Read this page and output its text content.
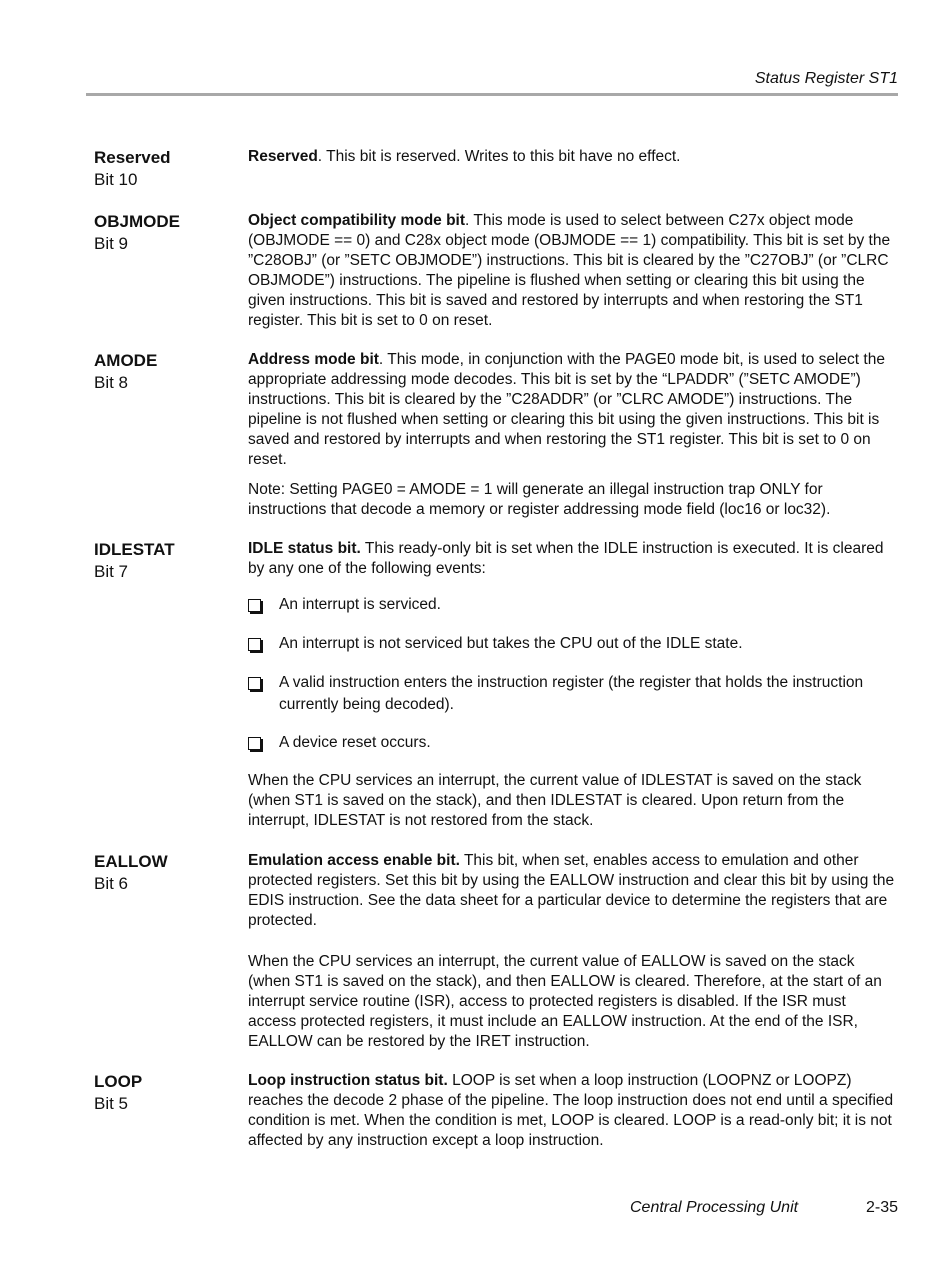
Status Register ST1
Reserved
Bit 10

Reserved. This bit is reserved. Writes to this bit have no effect.

OBJMODE
Bit 9

Object compatibility mode bit. This mode is used to select between C27x object mode (OBJMODE == 0) and C28x object mode (OBJMODE == 1) compatibility. This bit is set by the ”C28OBJ” (or ”SETC OBJMODE”) instructions. This bit is cleared by the ”C27OBJ” (or ”CLRC OBJMODE”) instructions. The pipeline is flushed when setting or clearing this bit using the given instructions. This bit is saved and restored by interrupts and when restoring the ST1 register. This bit is set to 0 on reset.

AMODE
Bit 8

Address mode bit. This mode, in conjunction with the PAGE0 mode bit, is used to select the appropriate addressing mode decodes. This bit is set by the “LPADDR” (”SETC AMODE”) instructions. This bit is cleared by the ”C28ADDR” (or ”CLRC AMODE”) instructions. The pipeline is not flushed when setting or clearing this bit using the given instructions. This bit is saved and restored by interrupts and when restoring the ST1 register. This bit is set to 0 on reset.

Note: Setting PAGE0 = AMODE = 1 will generate an illegal instruction trap ONLY for instructions that decode a memory or register addressing mode field (loc16 or loc32).

IDLESTAT
Bit 7

IDLE status bit. This ready-only bit is set when the IDLE instruction is executed. It is cleared by any one of the following events:

An interrupt is serviced.
An interrupt is not serviced but takes the CPU out of the IDLE state.
A valid instruction enters the instruction register (the register that holds the instruction currently being decoded).
A device reset occurs.

When the CPU services an interrupt, the current value of IDLESTAT is saved on the stack (when ST1 is saved on the stack), and then IDLESTAT is cleared. Upon return from the interrupt, IDLESTAT is not restored from the stack.

EALLOW
Bit 6

Emulation access enable bit. This bit, when set, enables access to emulation and other protected registers. Set this bit by using the EALLOW instruction and clear this bit by using the EDIS instruction. See the data sheet for a particular device to determine the registers that are protected.

When the CPU services an interrupt, the current value of EALLOW is saved on the stack (when ST1 is saved on the stack), and then EALLOW is cleared. Therefore, at the start of an interrupt service routine (ISR), access to protected registers is disabled. If the ISR must access protected registers, it must include an EALLOW instruction. At the end of the ISR, EALLOW can be restored by the IRET instruction.

LOOP
Bit 5

Loop instruction status bit. LOOP is set when a loop instruction (LOOPNZ or LOOPZ) reaches the decode 2 phase of the pipeline. The loop instruction does not end until a specified condition is met. When the condition is met, LOOP is cleared. LOOP is a read-only bit; it is not affected by any instruction except a loop instruction.

Central Processing Unit	2-35
